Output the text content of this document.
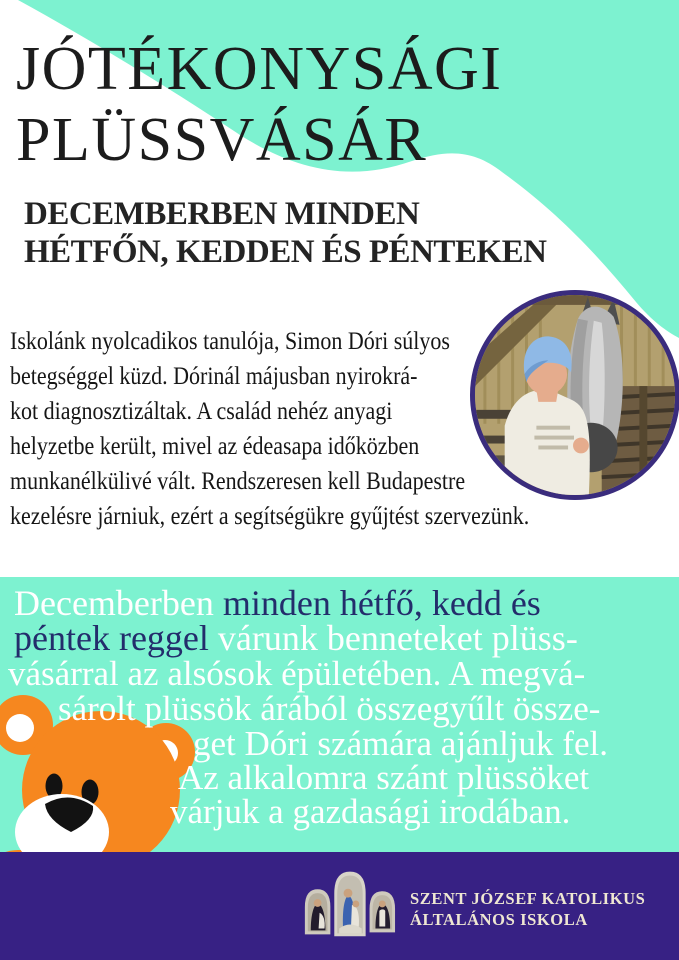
JÓTÉKONYSÁGI
PLÜSSVÁSÁR
DECEMBERBEN MINDEN
HÉTFŐN, KEDDEN ÉS PÉNTEKEN
Iskolánk nyolcadikos tanulója, Simon Dóri súlyos
betegséggel küzd. Dórinál májusban nyirokrá-
kot diagnosztizáltak. A család nehéz anyagi
helyzetbe került, mivel az édeasapa időközben
munkanélkülivé vált. Rendszeresen kell Budapestre
kezelésre járniuk, ezért a segítségükre gyűjtést szervezünk.
Decemberben minden hétfő, kedd és
péntek reggel várunk benneteket plüss-
vásárral az alsósok épületében. A megvá-
sárolt plüssök árából összegyűlt össze-
get Dóri számára ajánljuk fel.
Az alkalomra szánt plüssöket
várjuk a gazdasági irodában.
SZENT JÓZSEF KATOLIKUS
ÁLTALÁNOS ISKOLA
